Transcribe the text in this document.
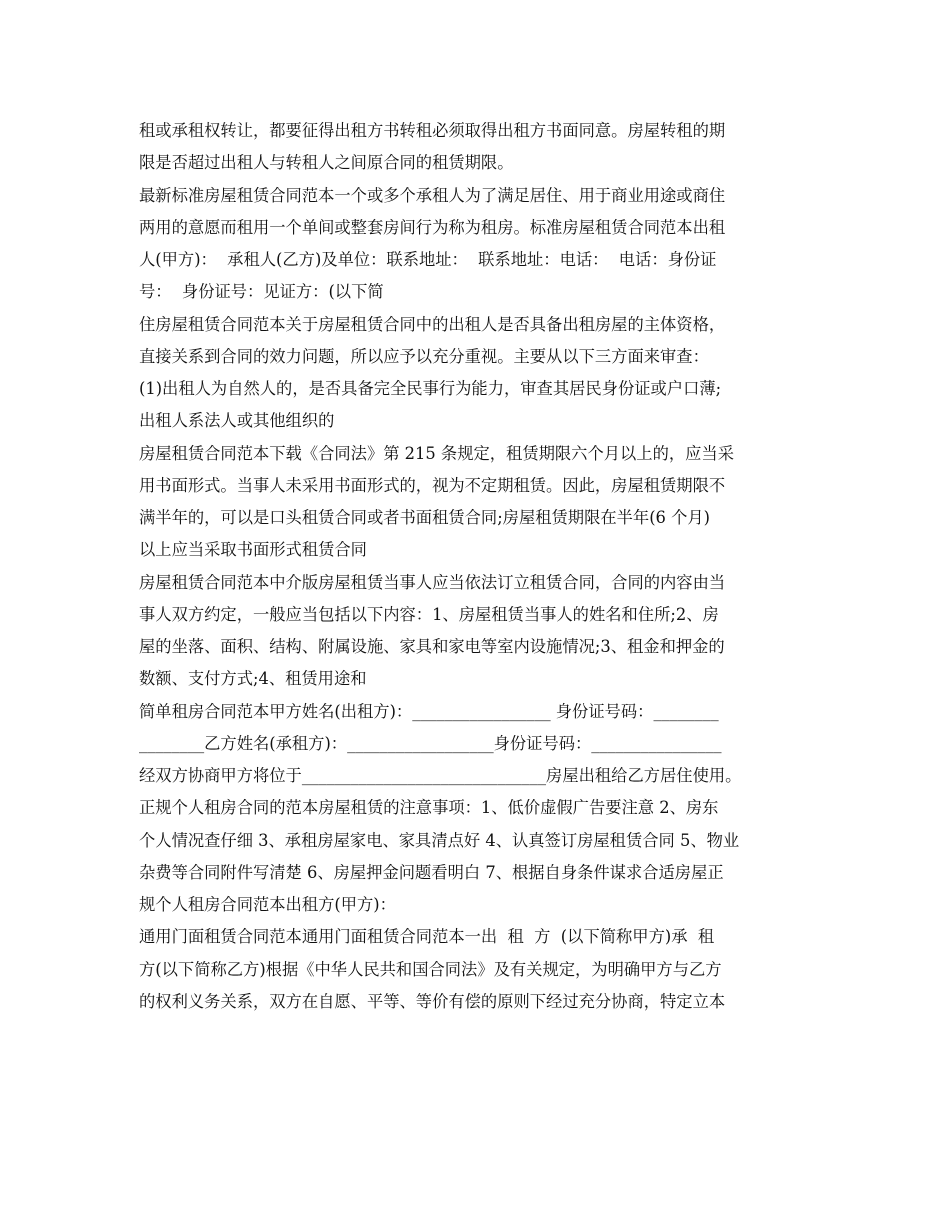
租或承租权转让，都要征得出租方书转租必须取得出租方书面同意。房屋转租的期
限是否超过出租人与转租人之间原合同的租赁期限。
最新标准房屋租赁合同范本一个或多个承租人为了满足居住、用于商业用途或商住
两用的意愿而租用一个单间或整套房间行为称为租房。标准房屋租赁合同范本出租
人(甲方)：  承租人(乙方)及单位：联系地址：  联系地址：电话：  电话：身份证
号：  身份证号：见证方：(以下简
住房屋租赁合同范本关于房屋租赁合同中的出租人是否具备出租房屋的主体资格，
直接关系到合同的效力问题，所以应予以充分重视。主要从以下三方面来审查：
(1)出租人为自然人的，是否具备完全民事行为能力，审查其居民身份证或户口薄;
出租人系法人或其他组织的
房屋租赁合同范本下载《合同法》第 215 条规定，租赁期限六个月以上的，应当采
用书面形式。当事人未采用书面形式的，视为不定期租赁。因此，房屋租赁期限不
满半年的，可以是口头租赁合同或者书面租赁合同;房屋租赁期限在半年(6 个月)
以上应当采取书面形式租赁合同
房屋租赁合同范本中介版房屋租赁当事人应当依法订立租赁合同，合同的内容由当
事人双方约定，一般应当包括以下内容：1、房屋租赁当事人的姓名和住所;2、房
屋的坐落、面积、结构、附属设施、家具和家电等室内设施情况;3、租金和押金的
数额、支付方式;4、租赁用途和
简单租房合同范本甲方姓名(出租方)：_________________ 身份证号码：________
________乙方姓名(承租方)：__________________身份证号码：________________
经双方协商甲方将位于______________________________房屋出租给乙方居住使用。
正规个人租房合同的范本房屋租赁的注意事项：1、低价虚假广告要注意 2、房东
个人情况查仔细 3、承租房屋家电、家具清点好 4、认真签订房屋租赁合同 5、物业
杂费等合同附件写清楚 6、房屋押金问题看明白 7、根据自身条件谋求合适房屋正
规个人租房合同范本出租方(甲方)：
通用门面租赁合同范本通用门面租赁合同范本一出  租  方  (以下简称甲方)承  租
方(以下简称乙方)根据《中华人民共和国合同法》及有关规定，为明确甲方与乙方
的权利义务关系，双方在自愿、平等、等价有偿的原则下经过充分协商，特定立本
